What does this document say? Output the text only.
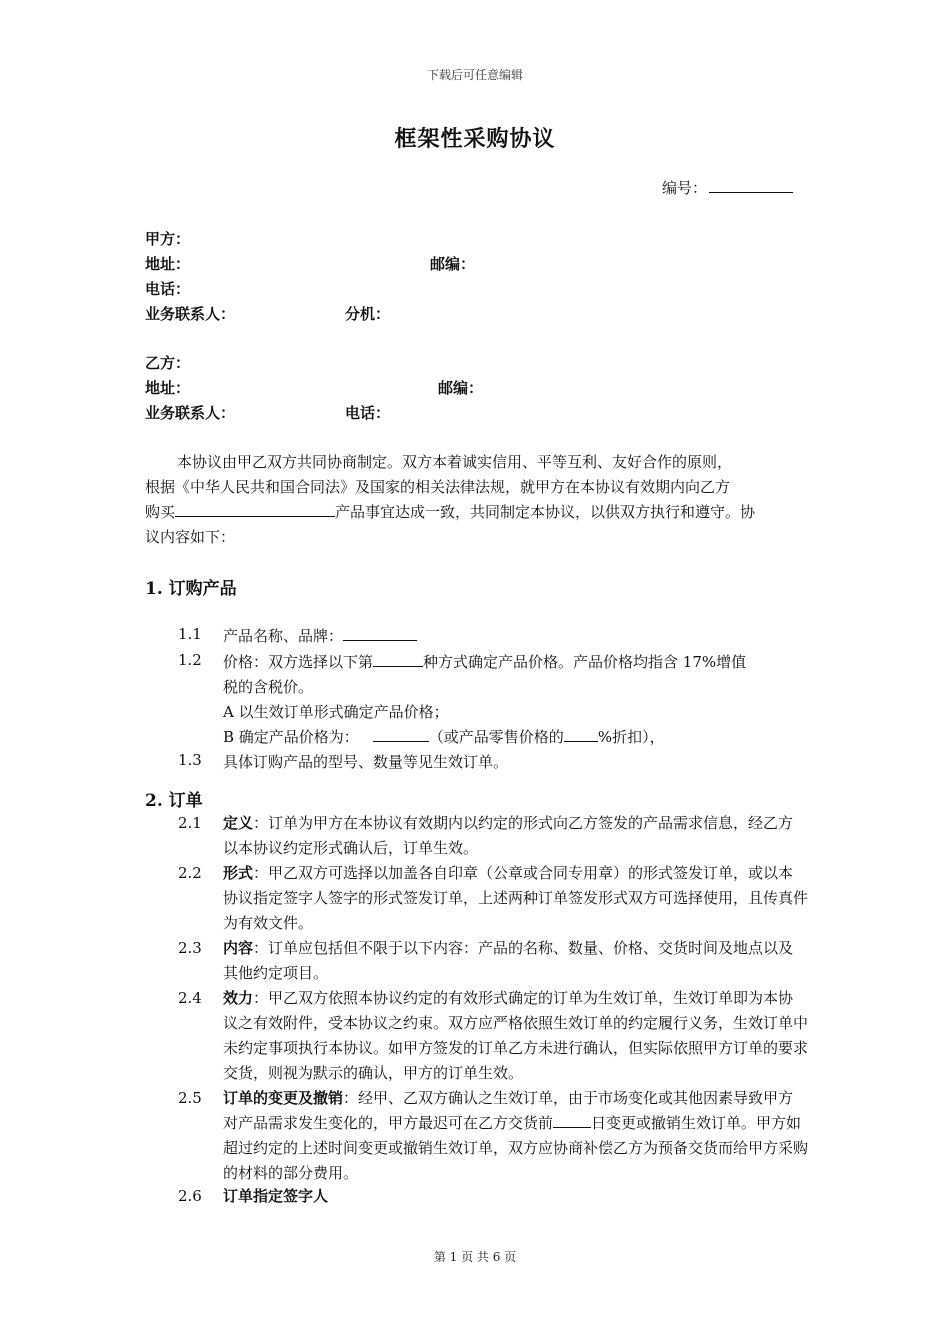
下载后可任意编辑
框架性采购协议
编号：
甲方：
地址：	邮编：
电话：
业务联系人：	分机：
乙方：
地址：	邮编：
业务联系人：	电话：
本协议由甲乙双方共同协商制定。双方本着诚实信用、平等互利、友好合作的原则，
根据《中华人民共和国合同法》及国家的相关法律法规，就甲方在本协议有效期内向乙方
购买	产品事宜达成一致，共同制定本协议，以供双方执行和遵守。协
议内容如下：
1. 订购产品
1.1 产品名称、品牌：
1.2 价格：双方选择以下第	种方式确定产品价格。产品价格均指含 17%增值
税的含税价。
A 以生效订单形式确定产品价格；
B 确定产品价格为：	（或产品零售价格的 %折扣），
1.3 具体订购产品的型号、数量等见生效订单。
2. 订单
2.1 定义：订单为甲方在本协议有效期内以约定的形式向乙方签发的产品需求信息，经乙方以本协议约定形式确认后，订单生效。
2.2 形式：甲乙双方可选择以加盖各自印章（公章或合同专用章）的形式签发订单，或以本协议指定签字人签字的形式签发订单，上述两种订单签发形式双方可选择使用，且传真件为有效文件。
2.3 内容：订单应包括但不限于以下内容：产品的名称、数量、价格、交货时间及地点以及其他约定项目。
2.4 效力：甲乙双方依照本协议约定的有效形式确定的订单为生效订单，生效订单即为本协议之有效附件，受本协议之约束。双方应严格依照生效订单的约定履行义务，生效订单中未约定事项执行本协议。如甲方签发的订单乙方未进行确认，但实际依照甲方订单的要求交货，则视为默示的确认，甲方的订单生效。
2.5 订单的变更及撤销：经甲、乙双方确认之生效订单，由于市场变化或其他因素导致甲方对产品需求发生变化的，甲方最迟可在乙方交货前	日变更或撤销生效订单。甲方如超过约定的上述时间变更或撤销生效订单，双方应协商补偿乙方为预备交货而给甲方采购的材料的部分费用。
2.6 订单指定签字人
第 1 页 共 6 页
